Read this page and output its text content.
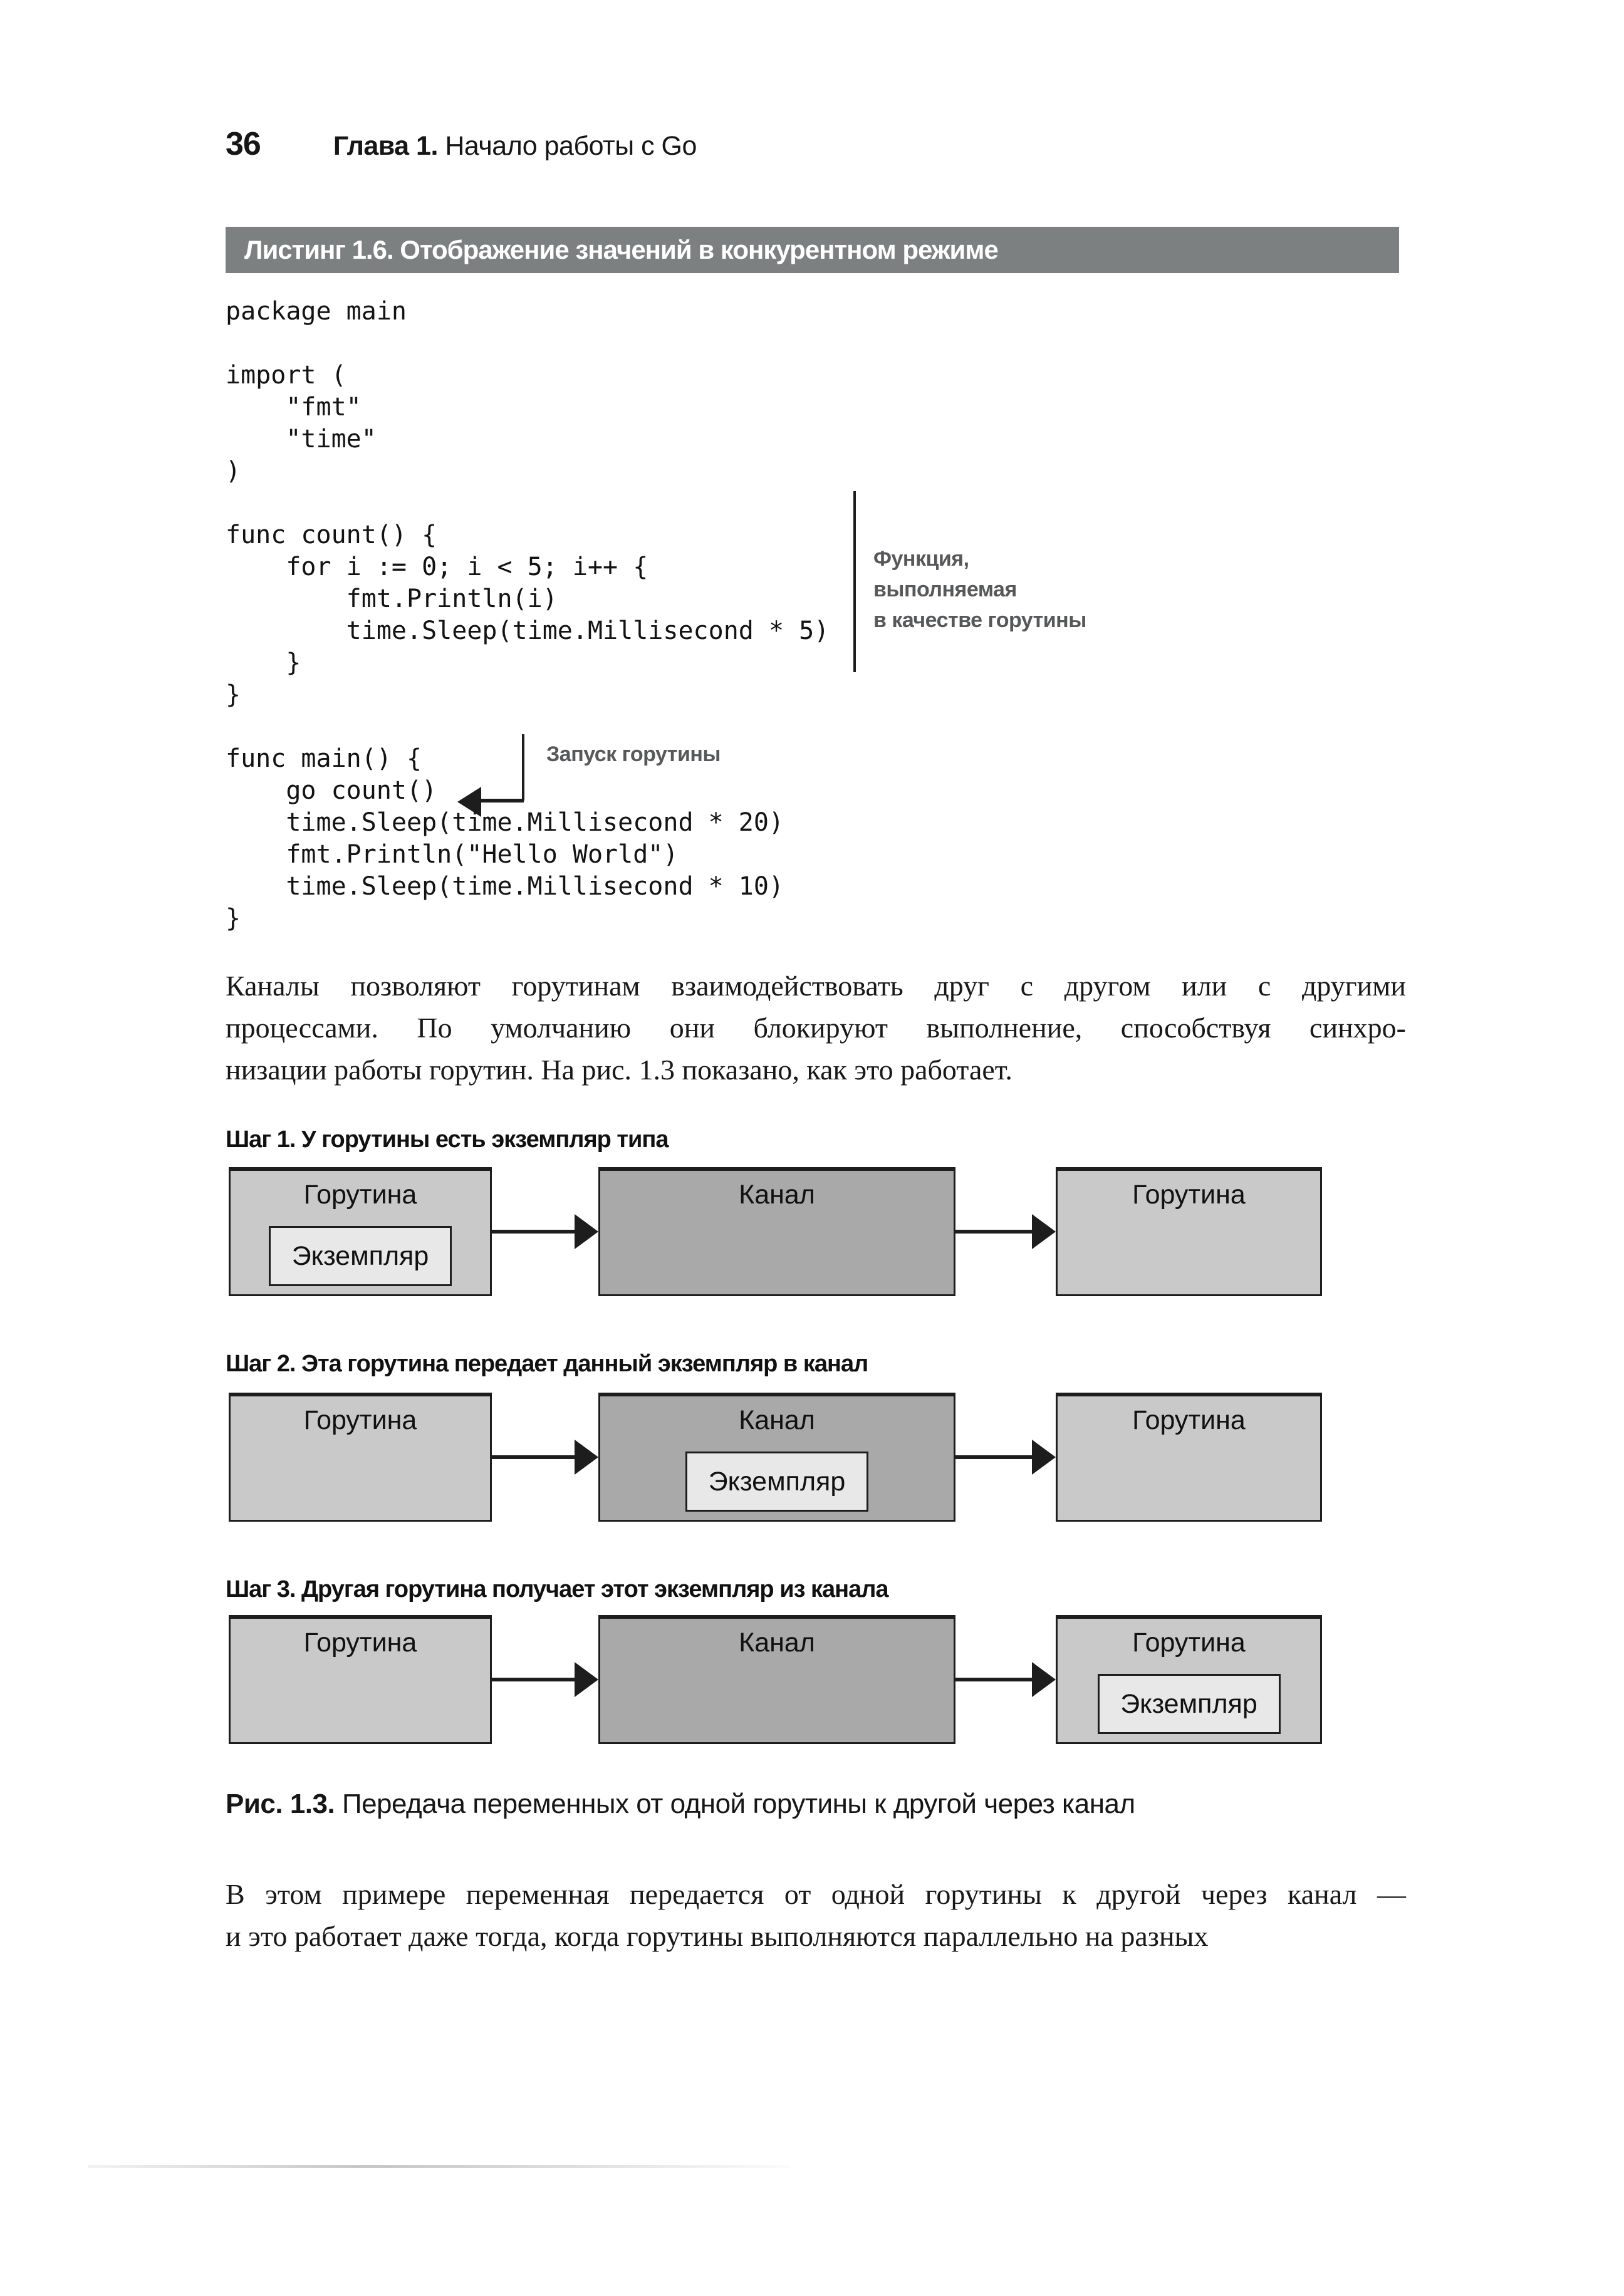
36	Глава 1. Начало работы с Go
Листинг 1.6. Отображение значений в конкурентном режиме
package main
import (
"fmt"
"time"
)
func count() {
for i := 0; i < 5; i++ {
fmt.Println(i)
time.Sleep(time.Millisecond * 5)
}
}
func main() {
go count()
time.Sleep(time.Millisecond * 20)
fmt.Println("Hello World")
time.Sleep(time.Millisecond * 10)
}
Функция,
выполняемая
в качестве горутины
Запуск горутины
Каналы позволяют горутинам взаимодействовать друг с другом или с другими
процессами. По умолчанию они блокируют выполнение, способствуя синхро-
низации работы горутин. На рис. 1.3 показано, как это работает.
Шаг 1. У горутины есть экземпляр типа
Горутина
Экземпляр
Канал	Горутина
Шаг 2. Эта горутина передает данный экземпляр в канал
Горутина	Канал
Экземпляр
Горутина
Шаг 3. Другая горутина получает этот экземпляр из канала
Горутина	Канал	Горутина
Экземпляр
Рис. 1.3. Передача переменных от одной горутины к другой через канал
В этом примере переменная передается от одной горутины к другой через канал —
и это работает даже тогда, когда горутины выполняются параллельно на разных
